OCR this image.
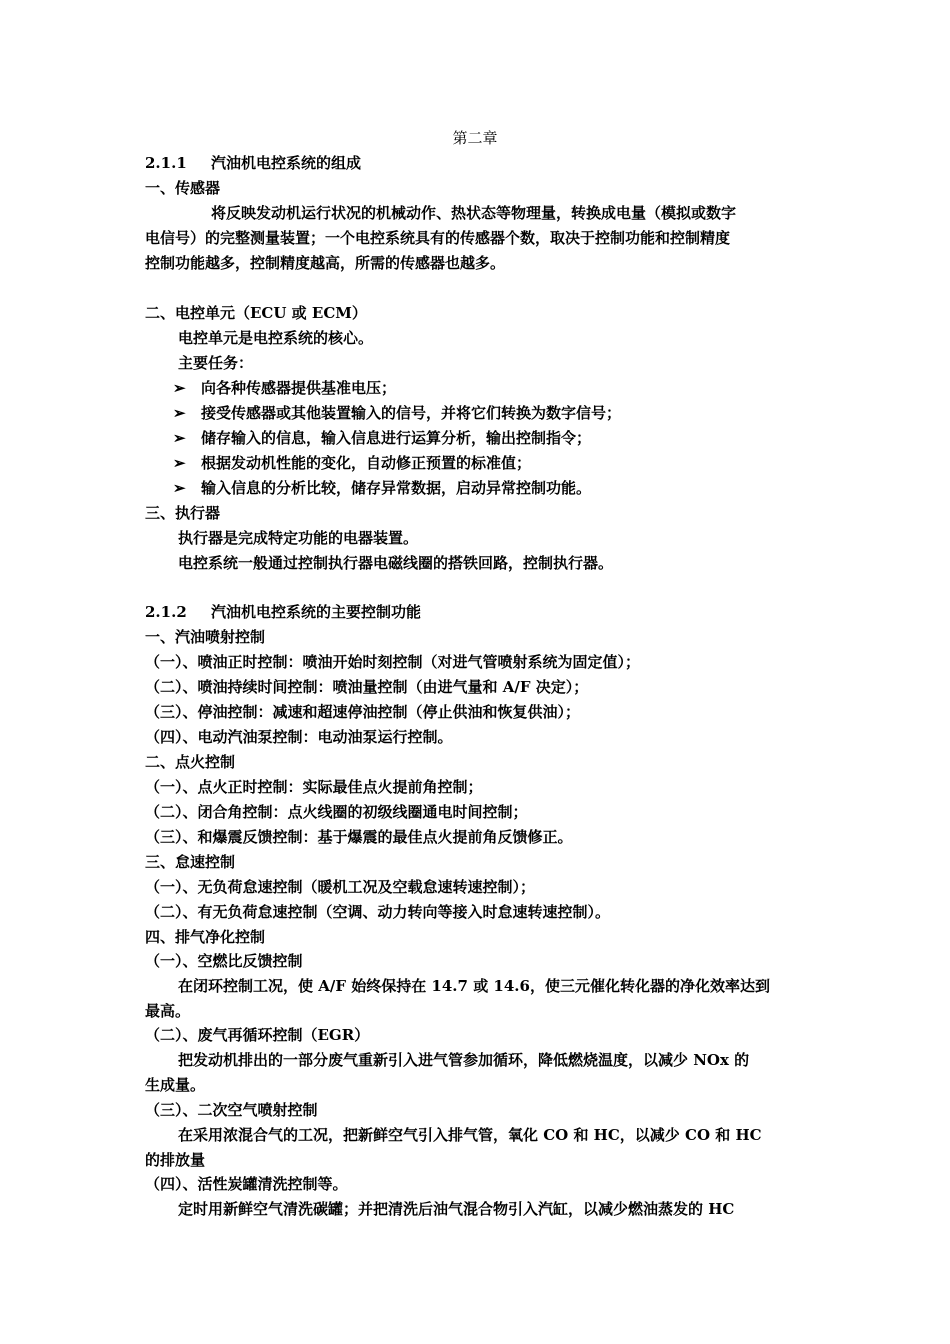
第二章
2.1.1 汽油机电控系统的组成
一、传感器
将反映发动机运行状况的机械动作、热状态等物理量，转换成电量（模拟或数字
电信号）的完整测量装置；一个电控系统具有的传感器个数，取决于控制功能和控制精度
控制功能越多，控制精度越高，所需的传感器也越多。
二、电控单元（ECU 或 ECM）
电控单元是电控系统的核心。
主要任务：
➢ 向各种传感器提供基准电压；
➢ 接受传感器或其他装置输入的信号，并将它们转换为数字信号；
➢ 储存输入的信息，输入信息进行运算分析，输出控制指令；
➢ 根据发动机性能的变化，自动修正预置的标准值；
➢ 输入信息的分析比较，储存异常数据，启动异常控制功能。
三、执行器
执行器是完成特定功能的电器装置。
电控系统一般通过控制执行器电磁线圈的搭铁回路，控制执行器。
2.1.2 汽油机电控系统的主要控制功能
一、汽油喷射控制
（一）、喷油正时控制：喷油开始时刻控制（对进气管喷射系统为固定值）；
（二）、喷油持续时间控制：喷油量控制（由进气量和 A/F 决定）；
（三）、停油控制：减速和超速停油控制（停止供油和恢复供油）；
（四）、电动汽油泵控制：电动油泵运行控制。
二、点火控制
（一）、点火正时控制：实际最佳点火提前角控制；
（二）、闭合角控制：点火线圈的初级线圈通电时间控制；
（三）、和爆震反馈控制：基于爆震的最佳点火提前角反馈修正。
三、怠速控制
（一）、无负荷怠速控制（暖机工况及空载怠速转速控制）；
（二）、有无负荷怠速控制（空调、动力转向等接入时怠速转速控制）。
四、排气净化控制
（一）、空燃比反馈控制
在闭环控制工况，使 A/F 始终保持在 14.7 或 14.6，使三元催化转化器的净化效率达到
最高。
（二）、废气再循环控制（EGR）
把发动机排出的一部分废气重新引入进气管参加循环，降低燃烧温度，以减少 NOx 的
生成量。
（三）、二次空气喷射控制
在采用浓混合气的工况，把新鲜空气引入排气管，氧化 CO 和 HC，以减少 CO 和 HC
的排放量
（四）、活性炭罐清洗控制等。
定时用新鲜空气清洗碳罐；并把清洗后油气混合物引入汽缸，以减少燃油蒸发的 HC
